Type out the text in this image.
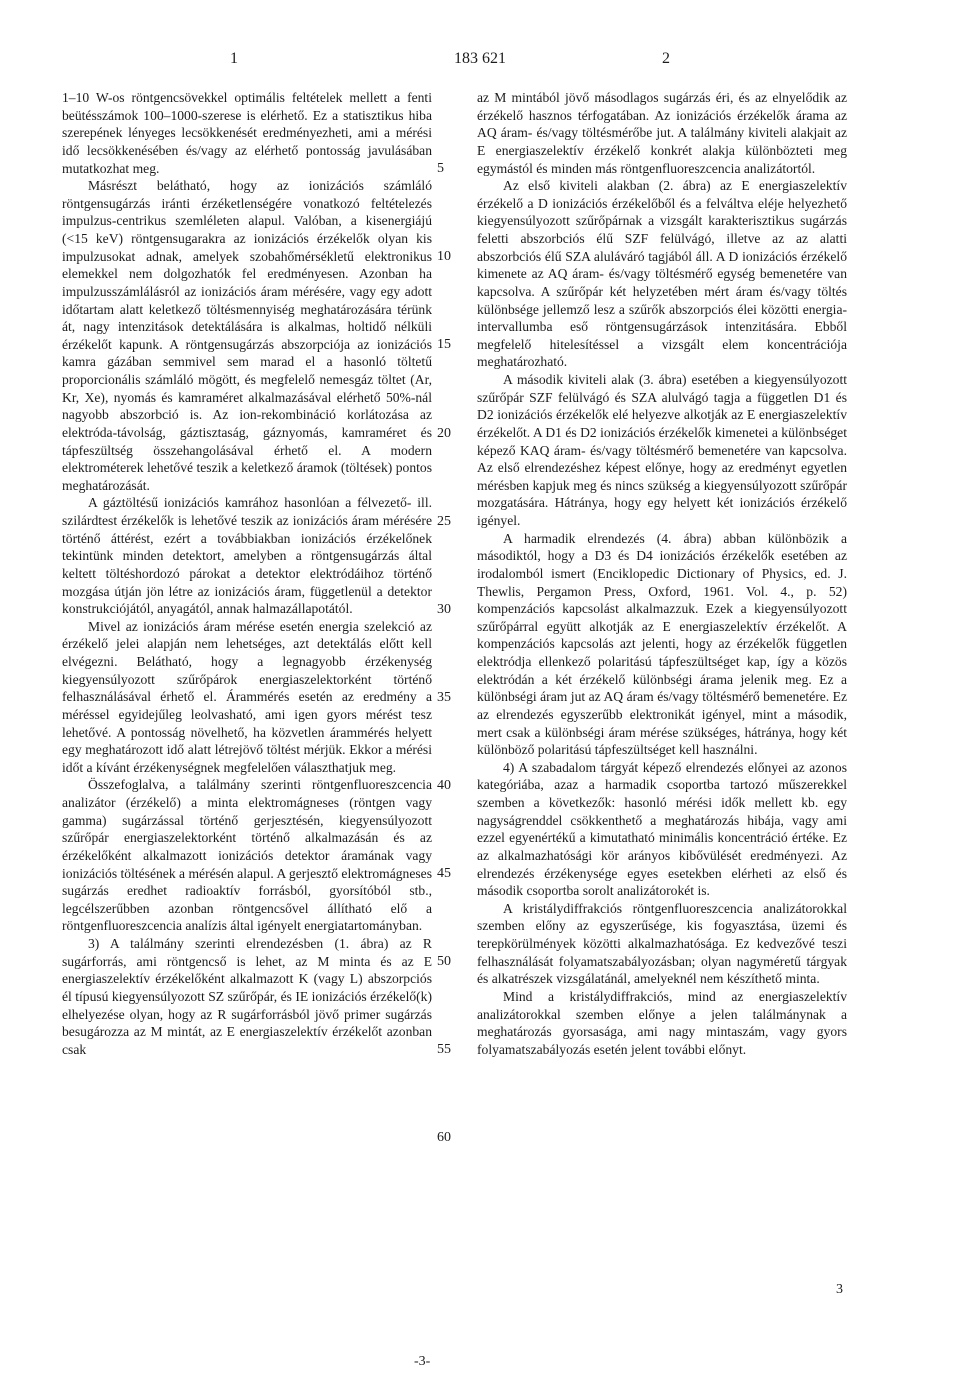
1	183 621	2

1–10 W-os röntgencsövekkel optimális feltételek mellett a fenti beütésszámok 100–1000-szerese is elérhető. Ez a statisztikus hiba szerepének lényeges lecsökkenését eredményezheti, ami a mérési idő lecsökkenésében és/vagy az elérhető pontosság javulásában mutatkozhat meg.

Másrészt belátható, hogy az ionizációs számláló röntgensugárzás iránti érzéketlenségére vonatkozó feltételezés impulzus-centrikus szemléleten alapul. Valóban, a kisenergiájú (<15 keV) röntgensugarakra az ionizációs érzékelők olyan kis impulzusokat adnak, amelyek szobahőmérsékletű elektronikus elemekkel nem dolgozhatók fel eredményesen. Azonban ha impulzusszámlálásról az ionizációs áram mérésére, vagy egy adott időtartam alatt keletkező töltésmennyiség meghatározására térünk át, nagy intenzitások detektálására is alkalmas, holtidő nélküli érzékelőt kapunk. A röntgensugárzás abszorpciója az ionizációs kamra gázában semmivel sem marad el a hasonló töltetű proporcionális számláló mögött, és megfelelő nemesgáz töltet (Ar, Kr, Xe), nyomás és kamraméret alkalmazásával elérhető 50%-nál nagyobb abszorbció is. Az ion-rekombináció korlátozása az elektróda-távolság, gáztisztaság, gáznyomás, kamraméret és tápfeszültség összehangolásával érhető el. A modern elektrométerek lehetővé teszik a keletkező áramok (töltések) pontos meghatározását.

A gáztöltésű ionizációs kamrához hasonlóan a félvezető- ill. szilárdtest érzékelők is lehetővé teszik az ionizációs áram mérésére történő áttérést, ezért a továbbiakban ionizációs érzékelőnek tekintünk minden detektort, amelyben a röntgensugárzás által keltett töltéshordozó párokat a detektor elektródáihoz történő mozgása útján jön létre az ionizációs áram, függetlenül a detektor konstrukciójától, anyagától, annak halmazállapotától.

Mivel az ionizációs áram mérése esetén energia szelekció az érzékelő jelei alapján nem lehetséges, azt detektálás előtt kell elvégezni. Belátható, hogy a legnagyobb érzékenység kiegyensúlyozott szűrőpárok energiaszelektorként történő felhasználásával érhető el. Árammérés esetén az eredmény a méréssel egyidejűleg leolvasható, ami igen gyors mérést tesz lehetővé. A pontosság növelhető, ha közvetlen árammérés helyett egy meghatározott idő alatt létrejövő töltést mérjük. Ekkor a mérési időt a kívánt érzékenységnek megfelelően választhatjuk meg.

Összefoglalva, a találmány szerinti röntgenfluoreszcencia analizátor (érzékelő) a minta elektromágneses (röntgen vagy gamma) sugárzással történő gerjesztésén, kiegyensúlyozott szűrőpár energiaszelektorként történő alkalmazásán és az érzékelőként alkalmazott ionizációs detektor áramának vagy ionizációs töltésének a mérésén alapul. A gerjesztő elektromágneses sugárzás eredhet radioaktív forrásból, gyorsítóból stb., legcélszerűbben azonban röntgencsővel állítható elő a röntgenfluoreszcencia analízis által igényelt energiatartományban.

3) A találmány szerinti elrendezésben (1. ábra) az R sugárforrás, ami röntgencső is lehet, az M minta és az E energiaszelektív érzékelőként alkalmazott K (vagy L) abszorpciós él típusú kiegyensúlyozott SZ szűrőpár, és IE ionizációs érzékelő(k) elhelyezése olyan, hogy az R sugárforrásból jövő primer sugárzás besugározza az M mintát, az E energiaszelektív érzékelőt azonban csak

5
10
15
20
25
30
35
40
45
50
55
60

az M mintából jövő másodlagos sugárzás éri, és az elnyelődik az érzékelő hasznos térfogatában. Az ionizációs érzékelők árama az AQ áram- és/vagy töltésmérőbe jut. A találmány kiviteli alakjait az E energiaszelektív érzékelő konkrét alakja különbözteti meg egymástól és minden más röntgenfluoreszcencia analizátortól.

Az első kiviteli alakban (2. ábra) az E energiaszelektív érzékelő a D ionizációs érzékelőből és a felváltva eléje helyezhető kiegyensúlyozott szűrőpárnak a vizsgált karakterisztikus sugárzás feletti abszorbciós élű SZF felülvágó, illetve az az alatti abszorbciós élű SZA aluláváró tagjából áll. A D ionizációs érzékelő kimenete az AQ áram- és/vagy töltésmérő egység bemenetére van kapcsolva. A szűrőpár két helyzetében mért áram és/vagy töltés különbsége jellemző lesz a szűrők abszorpciós élei közötti energia-intervallumba eső röntgensugárzások intenzitására. Ebből megfelelő hitelesítéssel a vizsgált elem koncentrációja meghatározható.

A második kiviteli alak (3. ábra) esetében a kiegyensúlyozott szűrőpár SZF felülvágó és SZA alulvágó tagja a független D1 és D2 ionizációs érzékelők elé helyezve alkotják az E energiaszelektív érzékelőt. A D1 és D2 ionizációs érzékelők kimenetei a különbséget képező KAQ áram- és/vagy töltésmérő bemenetére van kapcsolva. Az első elrendezéshez képest előnye, hogy az eredményt egyetlen mérésben kapjuk meg és nincs szükség a kiegyensúlyozott szűrőpár mozgatására. Hátránya, hogy egy helyett két ionizációs érzékelő igényel.

A harmadik elrendezés (4. ábra) abban különbözik a másodiktól, hogy a D3 és D4 ionizációs érzékelők esetében az irodalomból ismert (Enciklopedic Dictionary of Physics, ed. J. Thewlis, Pergamon Press, Oxford, 1961. Vol. 4., p. 52) kompenzációs kapcsolást alkalmazzuk. Ezek a kiegyensúlyozott szűrőpárral együtt alkotják az E energiaszelektív érzékelőt. A kompenzációs kapcsolás azt jelenti, hogy az érzékelők független elektródja ellenkező polaritású tápfeszültséget kap, így a közös elektródán a két érzékelő különbségi árama jelenik meg. Ez a különbségi áram jut az AQ áram és/vagy töltésmérő bemenetére. Ez az elrendezés egyszerűbb elektronikát igényel, mint a második, mert csak a különbségi áram mérése szükséges, hátránya, hogy két különböző polaritású tápfeszültséget kell használni.

4) A szabadalom tárgyát képező elrendezés előnyei az azonos kategóriába, azaz a harmadik csoportba tartozó műszerekkel szemben a következők: hasonló mérési idők mellett kb. egy nagyságrenddel csökkenthető a meghatározás hibája, vagy ami ezzel egyenértékű a kimutatható minimális koncentráció értéke. Ez az alkalmazhatósági kör arányos kibővülését eredményezi. Az elrendezés érzékenysége egyes esetekben elérheti az első és második csoportba sorolt analizátorokét is.

A kristálydiffrakciós röntgenfluoreszcencia analizátorokkal szemben előny az egyszerűsége, kis fogyasztása, üzemi és terepkörülmények közötti alkalmazhatósága. Ez kedvezővé teszi felhasználását folyamatszabályozásban; olyan nagyméretű tárgyak és alkatrészek vizsgálatánál, amelyeknél nem készíthető minta.

Mind a kristálydiffrakciós, mind az energiaszelektív analizátorokkal szemben előnye a jelen találmánynak a meghatározás gyorsasága, ami nagy mintaszám, vagy gyors folyamatszabályozás esetén jelent további előnyt.

3
-3-
